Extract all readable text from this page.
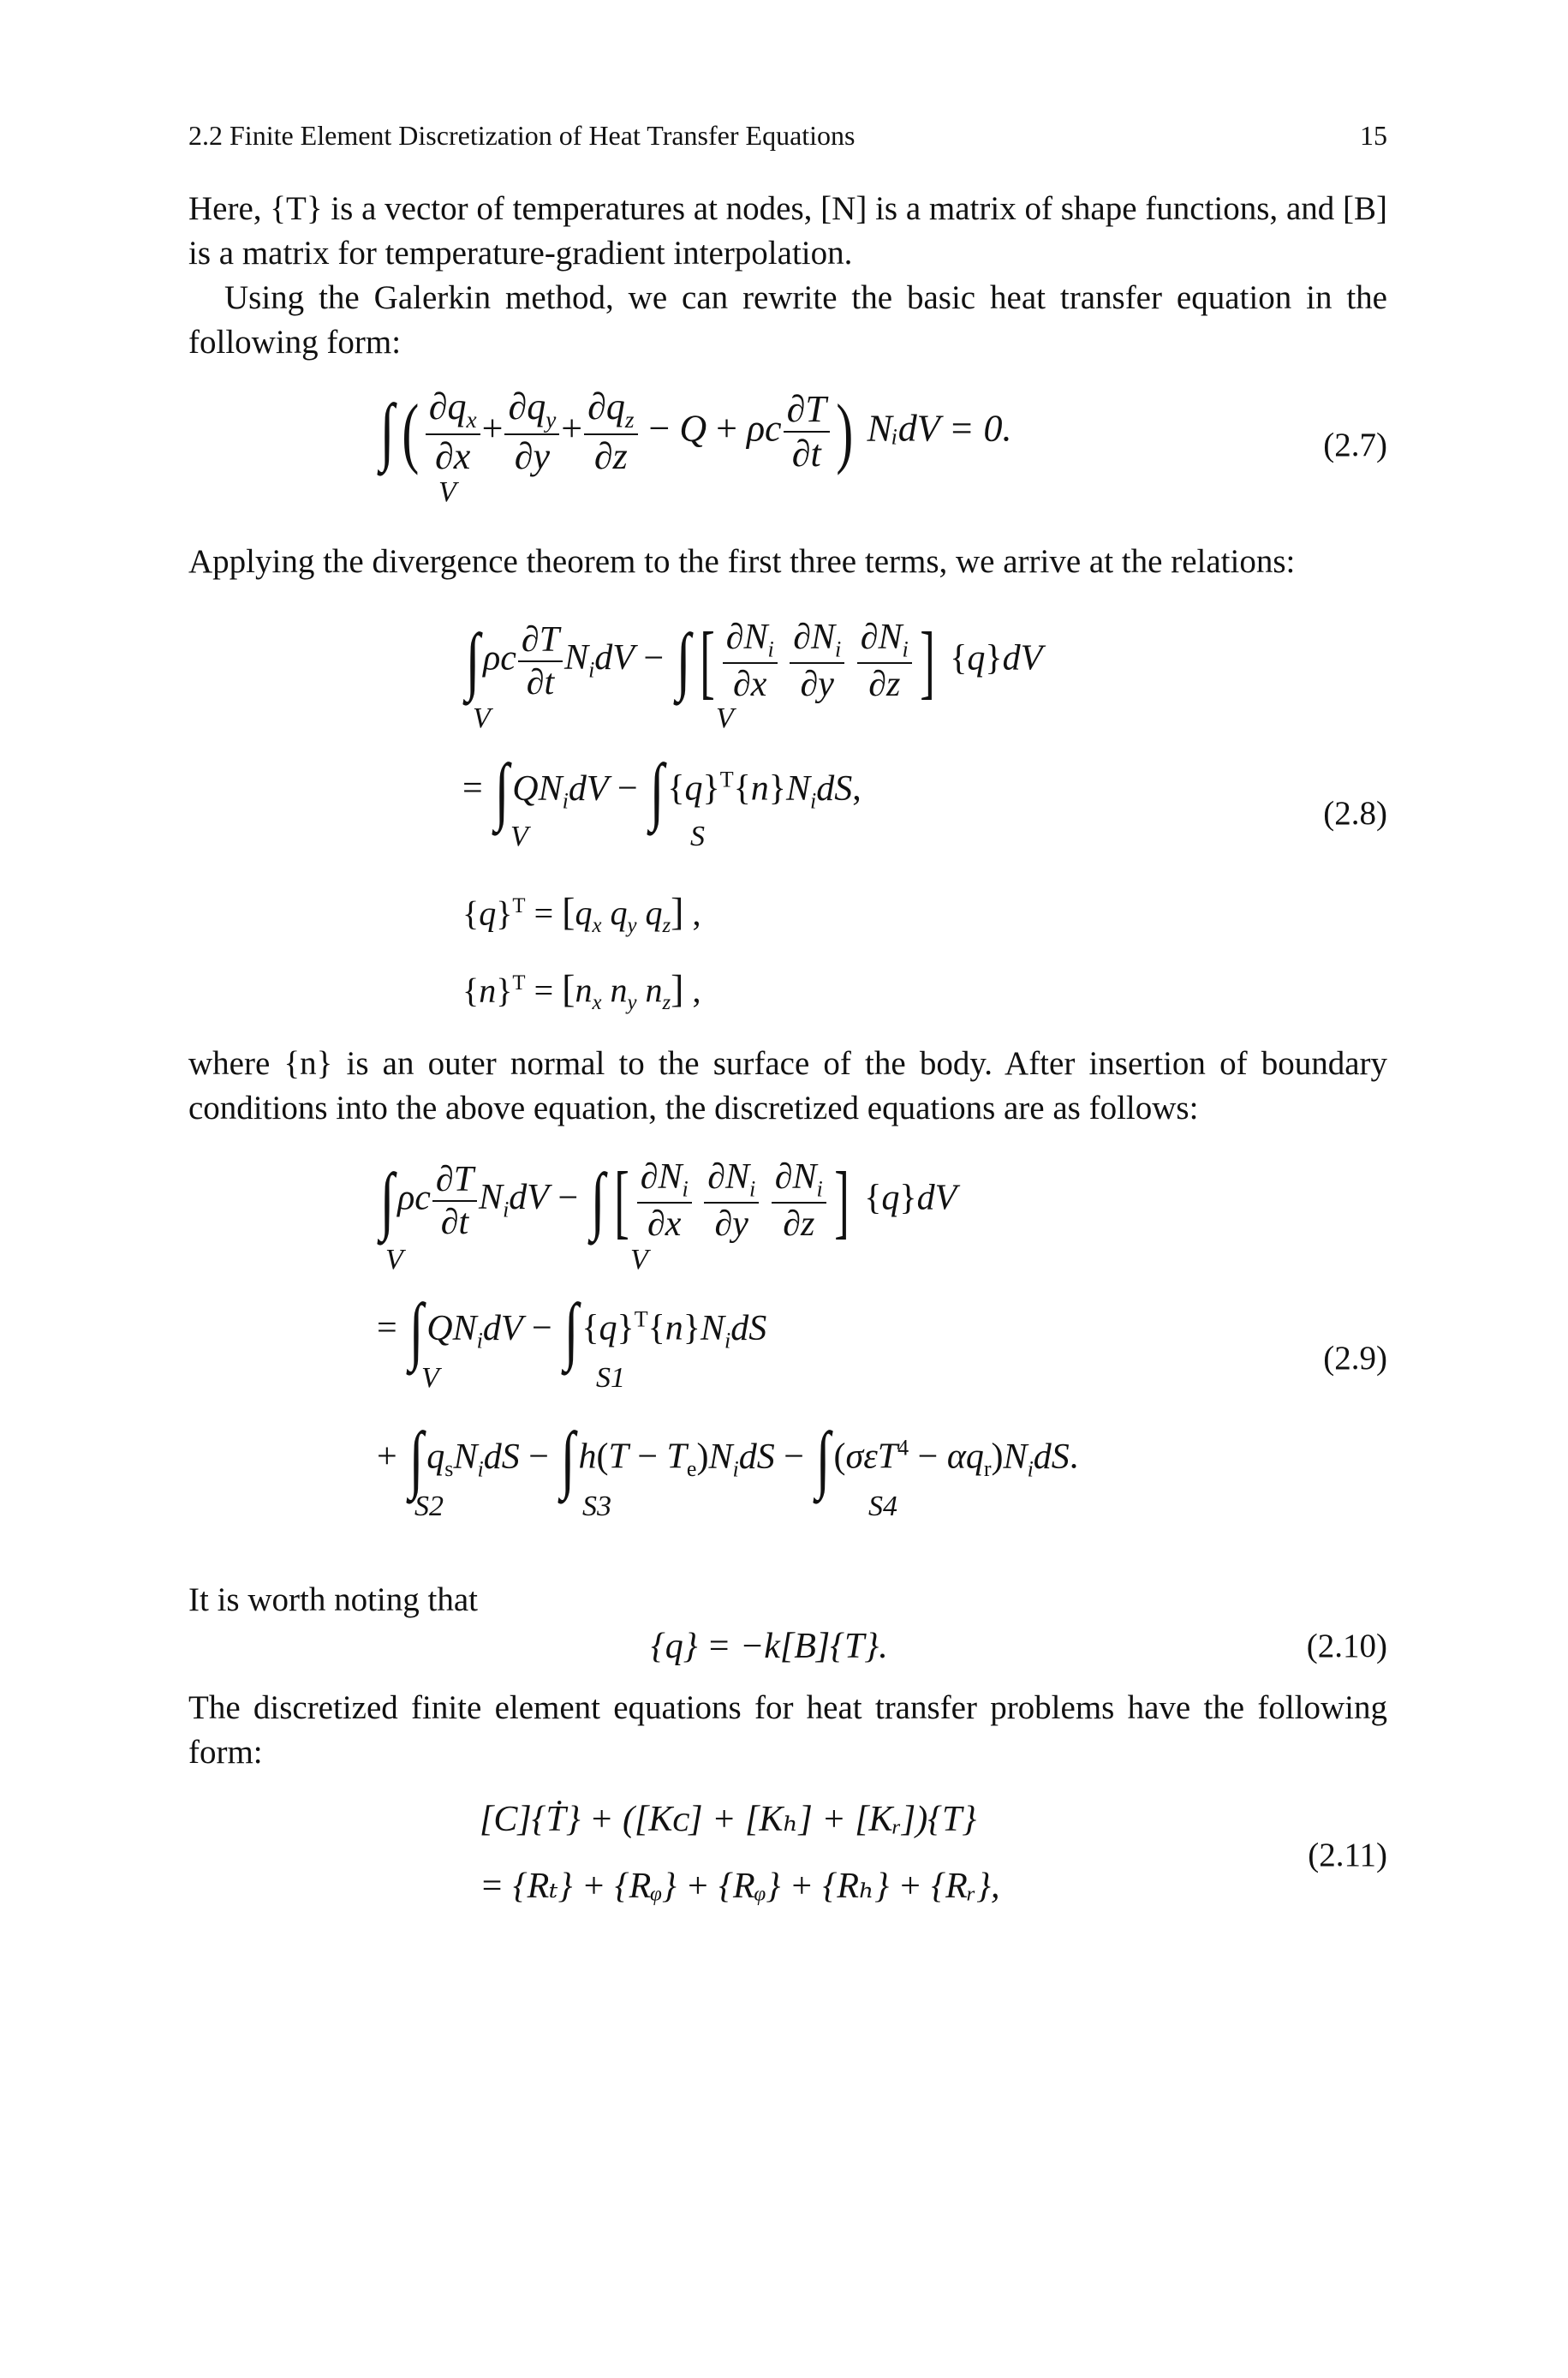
2.2 Finite Element Discretization of Heat Transfer Equations	15

Here, {T} is a vector of temperatures at nodes, [N] is a matrix of shape functions, and [B] is a matrix for temperature-gradient interpolation.

Using the Galerkin method, we can rewrite the basic heat transfer equation in the following form:

∫( $\frac{\partial q_x}{\partial x} + \frac{\partial q_y}{\partial y} + \frac{\partial q_z}{\partial z} - Q + \rho c \frac{\partial T}{\partial t}$ ) NᵢdV = 0.
V
(2.7)

Applying the divergence theorem to the first three terms, we arrive at the relations:

$\int\rho c \frac{\partial T}{\partial t} N_idV$ − ∫ [ $\frac{\partial N_i}{\partial x}$
$\frac{\partial N_i}{\partial y}$
$\frac{\partial N_i}{\partial z}$ ] {q}dV
V	V
= $\int QN_idV - \int\{q\}^T\{n\}N_idS$,
V	S
$\{q\}^T = [q_x$ $q_y$ $q_z$] ,
$\{n\}^T = [n_x$ $n_y$ $n_z$] ,
(2.8)

where {n} is an outer normal to the surface of the body. After insertion of boundary conditions into the above equation, the discretized equations are as follows:

$\int\rho c \frac{\partial T}{\partial t} N_idV$ − ∫ [ $\frac{\partial N_i}{\partial x}$
$\frac{\partial N_i}{\partial y}$
$\frac{\partial N_i}{\partial z}$ ] {q}dV
V	V
= $\int QN_idV - \int\{q\}^T\{n\}N_idS$
V	S1
+ $\int q_sN_idS - \int h(T - T_e)N_idS - \int(\sigma\varepsilon T^4 - \alpha q_r)N_idS$.
S2	S3	S4
(2.9)

It is worth noting that

{q} = −k[B]{T}.	(2.10)

The discretized finite element equations for heat transfer problems have the following form:

[C]{Ṫ} + ([Kᴄ] + [Kₕ] + [Kᵣ]){T}
= {Rₜ} + {Rᵩ} + {Rᵩ} + {Rₕ} + {Rᵣ},
(2.11)
